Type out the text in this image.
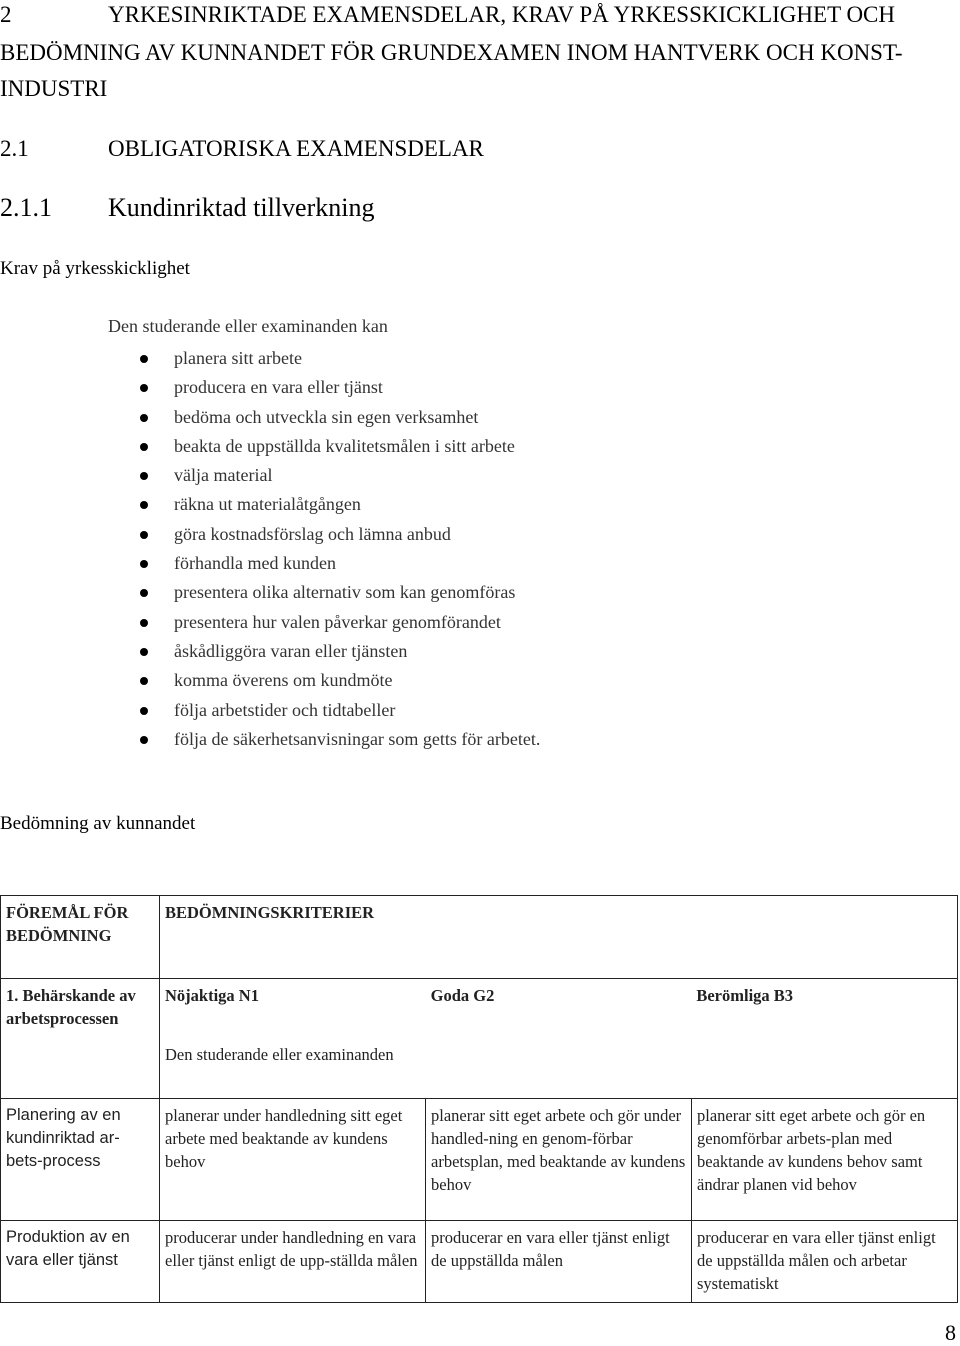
2	YRKESINRIKTADE EXAMENSDELAR, KRAV PÅ YRKESSKICKLIGHET OCH
BEDÖMNING AV KUNNANDET FÖR GRUNDEXAMEN INOM HANTVERK OCH KONST-
INDUSTRI
2.1	OBLIGATORISKA EXAMENSDELAR
2.1.1 Kundinriktad tillverkning
Krav på yrkesskicklighet
Den studerande eller examinanden kan
planera sitt arbete
producera en vara eller tjänst
bedöma och utveckla sin egen verksamhet
beakta de uppställda kvalitetsmålen i sitt arbete
välja material
räkna ut materialåtgången
göra kostnadsförslag och lämna anbud
förhandla med kunden
presentera olika alternativ som kan genomföras
presentera hur valen påverkar genomförandet
åskådliggöra varan eller tjänsten
komma överens om kundmöte
följa arbetstider och tidtabeller
följa de säkerhetsanvisningar som getts för arbetet.
Bedömning av kunnandet
FÖREMÅL FÖR BEDÖMNING	BEDÖMNINGSKRITERIER		
1. Behärskande av arbetsprocessen	Nöjaktiga N1 Goda G2 Berömliga B3
Den studerande eller examinanden		

Planering av en kundinriktad ar-bets-process	planerar under handledning sitt eget arbete med beaktande av kundens behov	planerar sitt eget arbete och gör under handled-ning en genom-förbar arbetsplan, med beaktande av kundens behov	planerar sitt eget arbete och gör en genomförbar arbets-plan med beaktande av kundens behov samt ändrar planen vid behov
Produktion av en vara eller tjänst	producerar under handledning en vara eller tjänst enligt de upp-ställda målen	producerar en vara eller tjänst enligt de uppställda målen	producerar en vara eller tjänst enligt de uppställda målen och arbetar systematiskt
8
